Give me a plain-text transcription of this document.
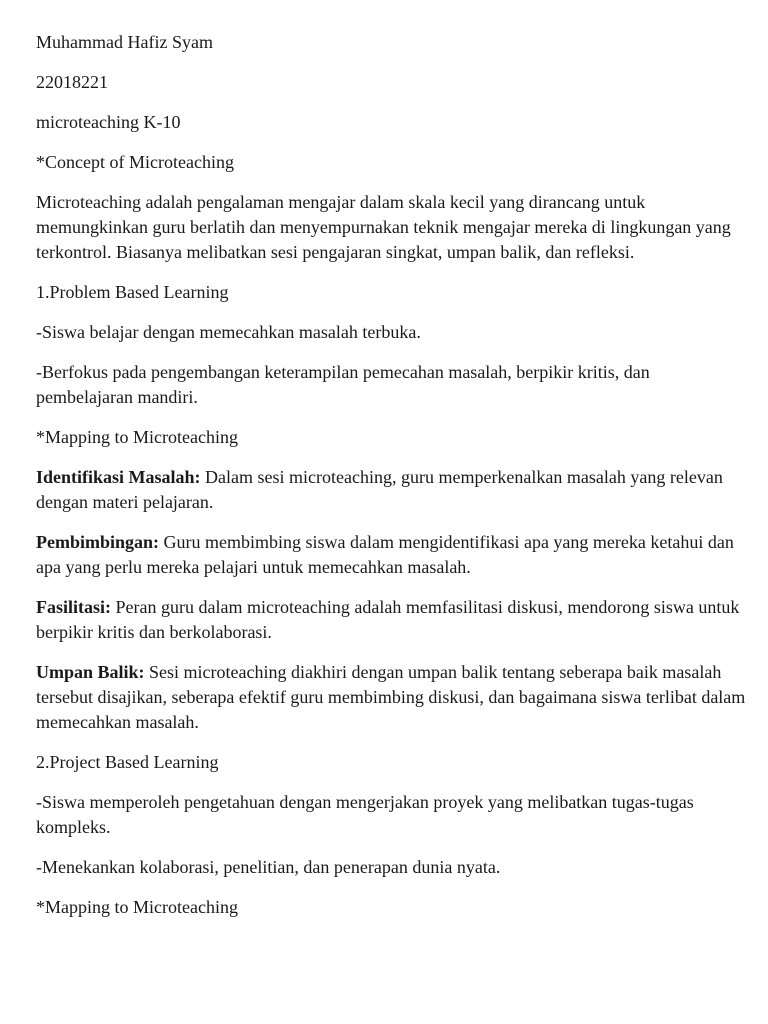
Muhammad Hafiz Syam

22018221

microteaching K-10

*Concept of Microteaching

Microteaching adalah pengalaman mengajar dalam skala kecil yang dirancang untuk memungkinkan guru berlatih dan menyempurnakan teknik mengajar mereka di lingkungan yang terkontrol. Biasanya melibatkan sesi pengajaran singkat, umpan balik, dan refleksi.

1.Problem Based Learning

-Siswa belajar dengan memecahkan masalah terbuka.

-Berfokus pada pengembangan keterampilan pemecahan masalah, berpikir kritis, dan pembelajaran mandiri.

*Mapping to Microteaching

Identifikasi Masalah: Dalam sesi microteaching, guru memperkenalkan masalah yang relevan dengan materi pelajaran.

Pembimbingan: Guru membimbing siswa dalam mengidentifikasi apa yang mereka ketahui dan apa yang perlu mereka pelajari untuk memecahkan masalah.

Fasilitasi: Peran guru dalam microteaching adalah memfasilitasi diskusi, mendorong siswa untuk berpikir kritis dan berkolaborasi.

Umpan Balik: Sesi microteaching diakhiri dengan umpan balik tentang seberapa baik masalah tersebut disajikan, seberapa efektif guru membimbing diskusi, dan bagaimana siswa terlibat dalam memecahkan masalah.

2.Project Based Learning

-Siswa memperoleh pengetahuan dengan mengerjakan proyek yang melibatkan tugas-tugas kompleks.

-Menekankan kolaborasi, penelitian, dan penerapan dunia nyata.

*Mapping to Microteaching
